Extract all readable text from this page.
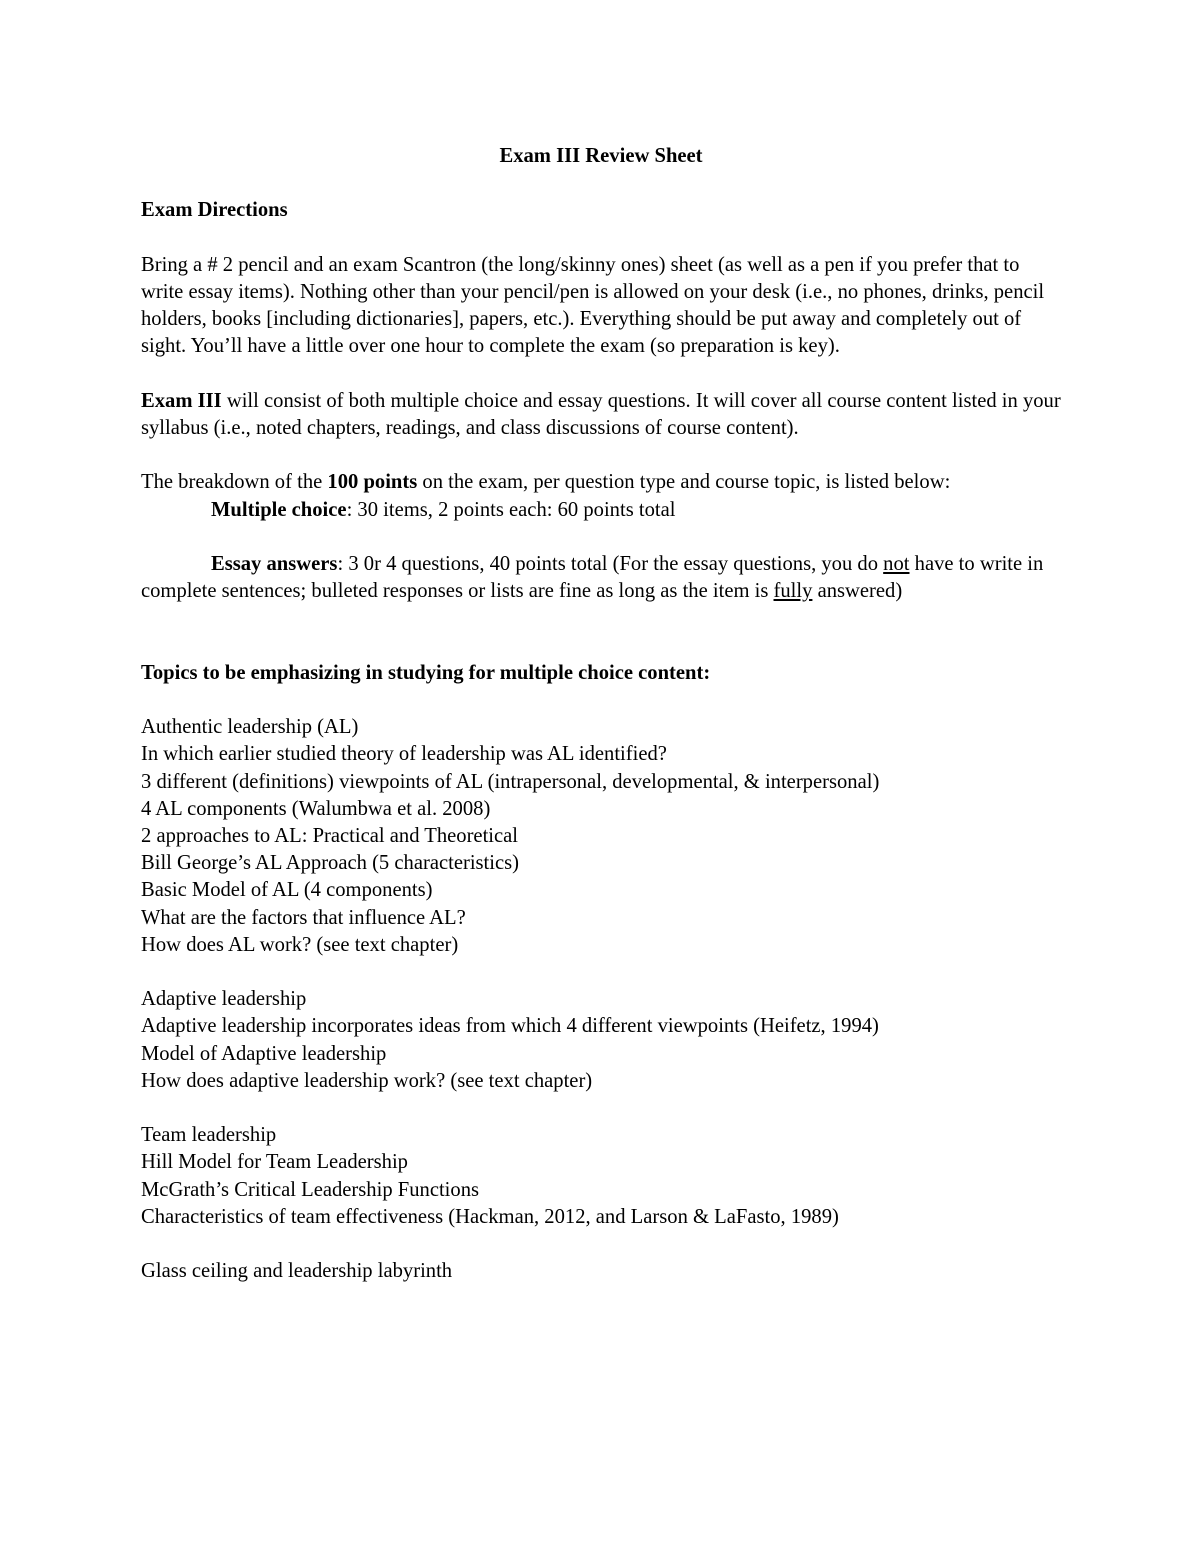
Exam III Review Sheet
Exam Directions

Bring a # 2 pencil and an exam Scantron (the long/skinny ones) sheet (as well as a pen if you prefer that to write essay items). Nothing other than your pencil/pen is allowed on your desk (i.e., no phones, drinks, pencil holders, books [including dictionaries], papers, etc.). Everything should be put away and completely out of sight. You’ll have a little over one hour to complete the exam (so preparation is key).

Exam III will consist of both multiple choice and essay questions. It will cover all course content listed in your syllabus (i.e., noted chapters, readings, and class discussions of course content).

The breakdown of the 100 points on the exam, per question type and course topic, is listed below:

Multiple choice: 30 items, 2 points each: 60 points total

Essay answers: 3 0r 4 questions, 40 points total (For the essay questions, you do not have to write in complete sentences; bulleted responses or lists are fine as long as the item is fully answered)

Topics to be emphasizing in studying for multiple choice content:
Authentic leadership (AL)
In which earlier studied theory of leadership was AL identified?
3 different (definitions) viewpoints of AL (intrapersonal, developmental, & interpersonal)
4 AL components (Walumbwa et al. 2008)
2 approaches to AL: Practical and Theoretical
Bill George’s AL Approach (5 characteristics)
Basic Model of AL (4 components)
What are the factors that influence AL?
How does AL work? (see text chapter)
Adaptive leadership
Adaptive leadership incorporates ideas from which 4 different viewpoints (Heifetz, 1994)
Model of Adaptive leadership
How does adaptive leadership work? (see text chapter)
Team leadership
Hill Model for Team Leadership
McGrath’s Critical Leadership Functions
Characteristics of team effectiveness (Hackman, 2012, and Larson & LaFasto, 1989)
Glass ceiling and leadership labyrinth
